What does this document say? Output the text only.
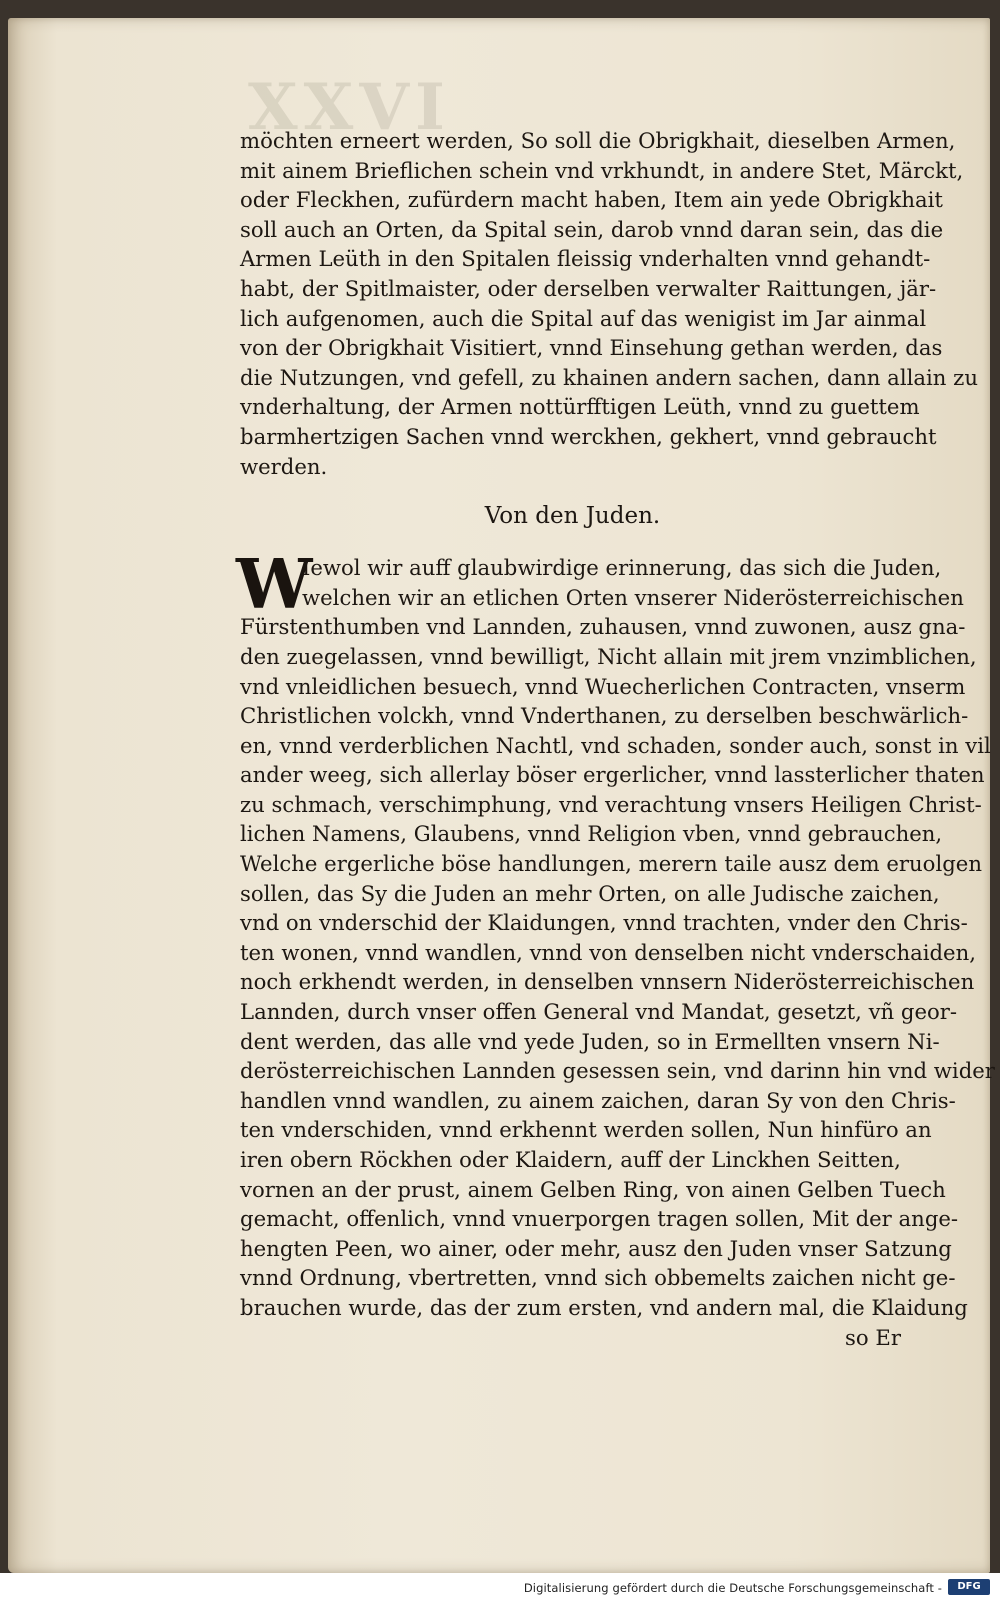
XXVI
möchten erneert werden, So soll die Obrigkhait, dieselben Armen,
mit ainem Brieflichen schein vnd vrkhundt, in andere Stet, Märckt,
oder Fleckhen, zufürdern macht haben, Item ain yede Obrigkhait
soll auch an Orten, da Spital sein, darob vnnd daran sein, das die
Armen Leüth in den Spitalen fleissig vnderhalten vnnd gehandt-
habt, der Spitlmaister, oder derselben verwalter Raittungen, jär-
lich aufgenomen, auch die Spital auf das wenigist im Jar ainmal
von der Obrigkhait Visitiert, vnnd Einsehung gethan werden, das
die Nutzungen, vnd gefell, zu khainen andern sachen, dann allain zu
vnderhaltung, der Armen nottürfftigen Leüth, vnnd zu guettem
barmhertzigen Sachen vnnd werckhen, gekhert, vnnd gebraucht
werden.
Von den Juden.
W
Iewol wir auff glaubwirdige erinnerung, das sich die Juden,
welchen wir an etlichen Orten vnserer Niderösterreichischen
Fürstenthumben vnd Lannden, zuhausen, vnnd zuwonen, ausz gna-
den zuegelassen, vnnd bewilligt, Nicht allain mit jrem vnzimblichen,
vnd vnleidlichen besuech, vnnd Wuecherlichen Contracten, vnserm
Christlichen volckh, vnnd Vnderthanen, zu derselben beschwärlich-
en, vnnd verderblichen Nachtl, vnd schaden, sonder auch, sonst in vil
ander weeg, sich allerlay böser ergerlicher, vnnd lassterlicher thaten
zu schmach, verschimphung, vnd verachtung vnsers Heiligen Christ-
lichen Namens, Glaubens, vnnd Religion vben, vnnd gebrauchen,
Welche ergerliche böse handlungen, merern taile ausz dem eruolgen
sollen, das Sy die Juden an mehr Orten, on alle Judische zaichen,
vnd on vnderschid der Klaidungen, vnnd trachten, vnder den Chris-
ten wonen, vnnd wandlen, vnnd von denselben nicht vnderschaiden,
noch erkhendt werden, in denselben vnnsern Niderösterreichischen
Lannden, durch vnser offen General vnd Mandat, gesetzt, vñ geor-
dent werden, das alle vnd yede Juden, so in Ermellten vnsern Ni-
derösterreichischen Lannden gesessen sein, vnd darinn hin vnd wider
handlen vnnd wandlen, zu ainem zaichen, daran Sy von den Chris-
ten vnderschiden, vnnd erkhennt werden sollen, Nun hinfüro an
iren obern Röckhen oder Klaidern, auff der Linckhen Seitten,
vornen an der prust, ainem Gelben Ring, von ainen Gelben Tuech
gemacht, offenlich, vnnd vnuerporgen tragen sollen, Mit der ange-
hengten Peen, wo ainer, oder mehr, ausz den Juden vnser Satzung
vnnd Ordnung, vbertretten, vnnd sich obbemelts zaichen nicht ge-
brauchen wurde, das der zum ersten, vnd andern mal, die Klaidung
so Er
Digitalisierung gefördert durch die Deutsche Forschungsgemeinschaft -	DFG
